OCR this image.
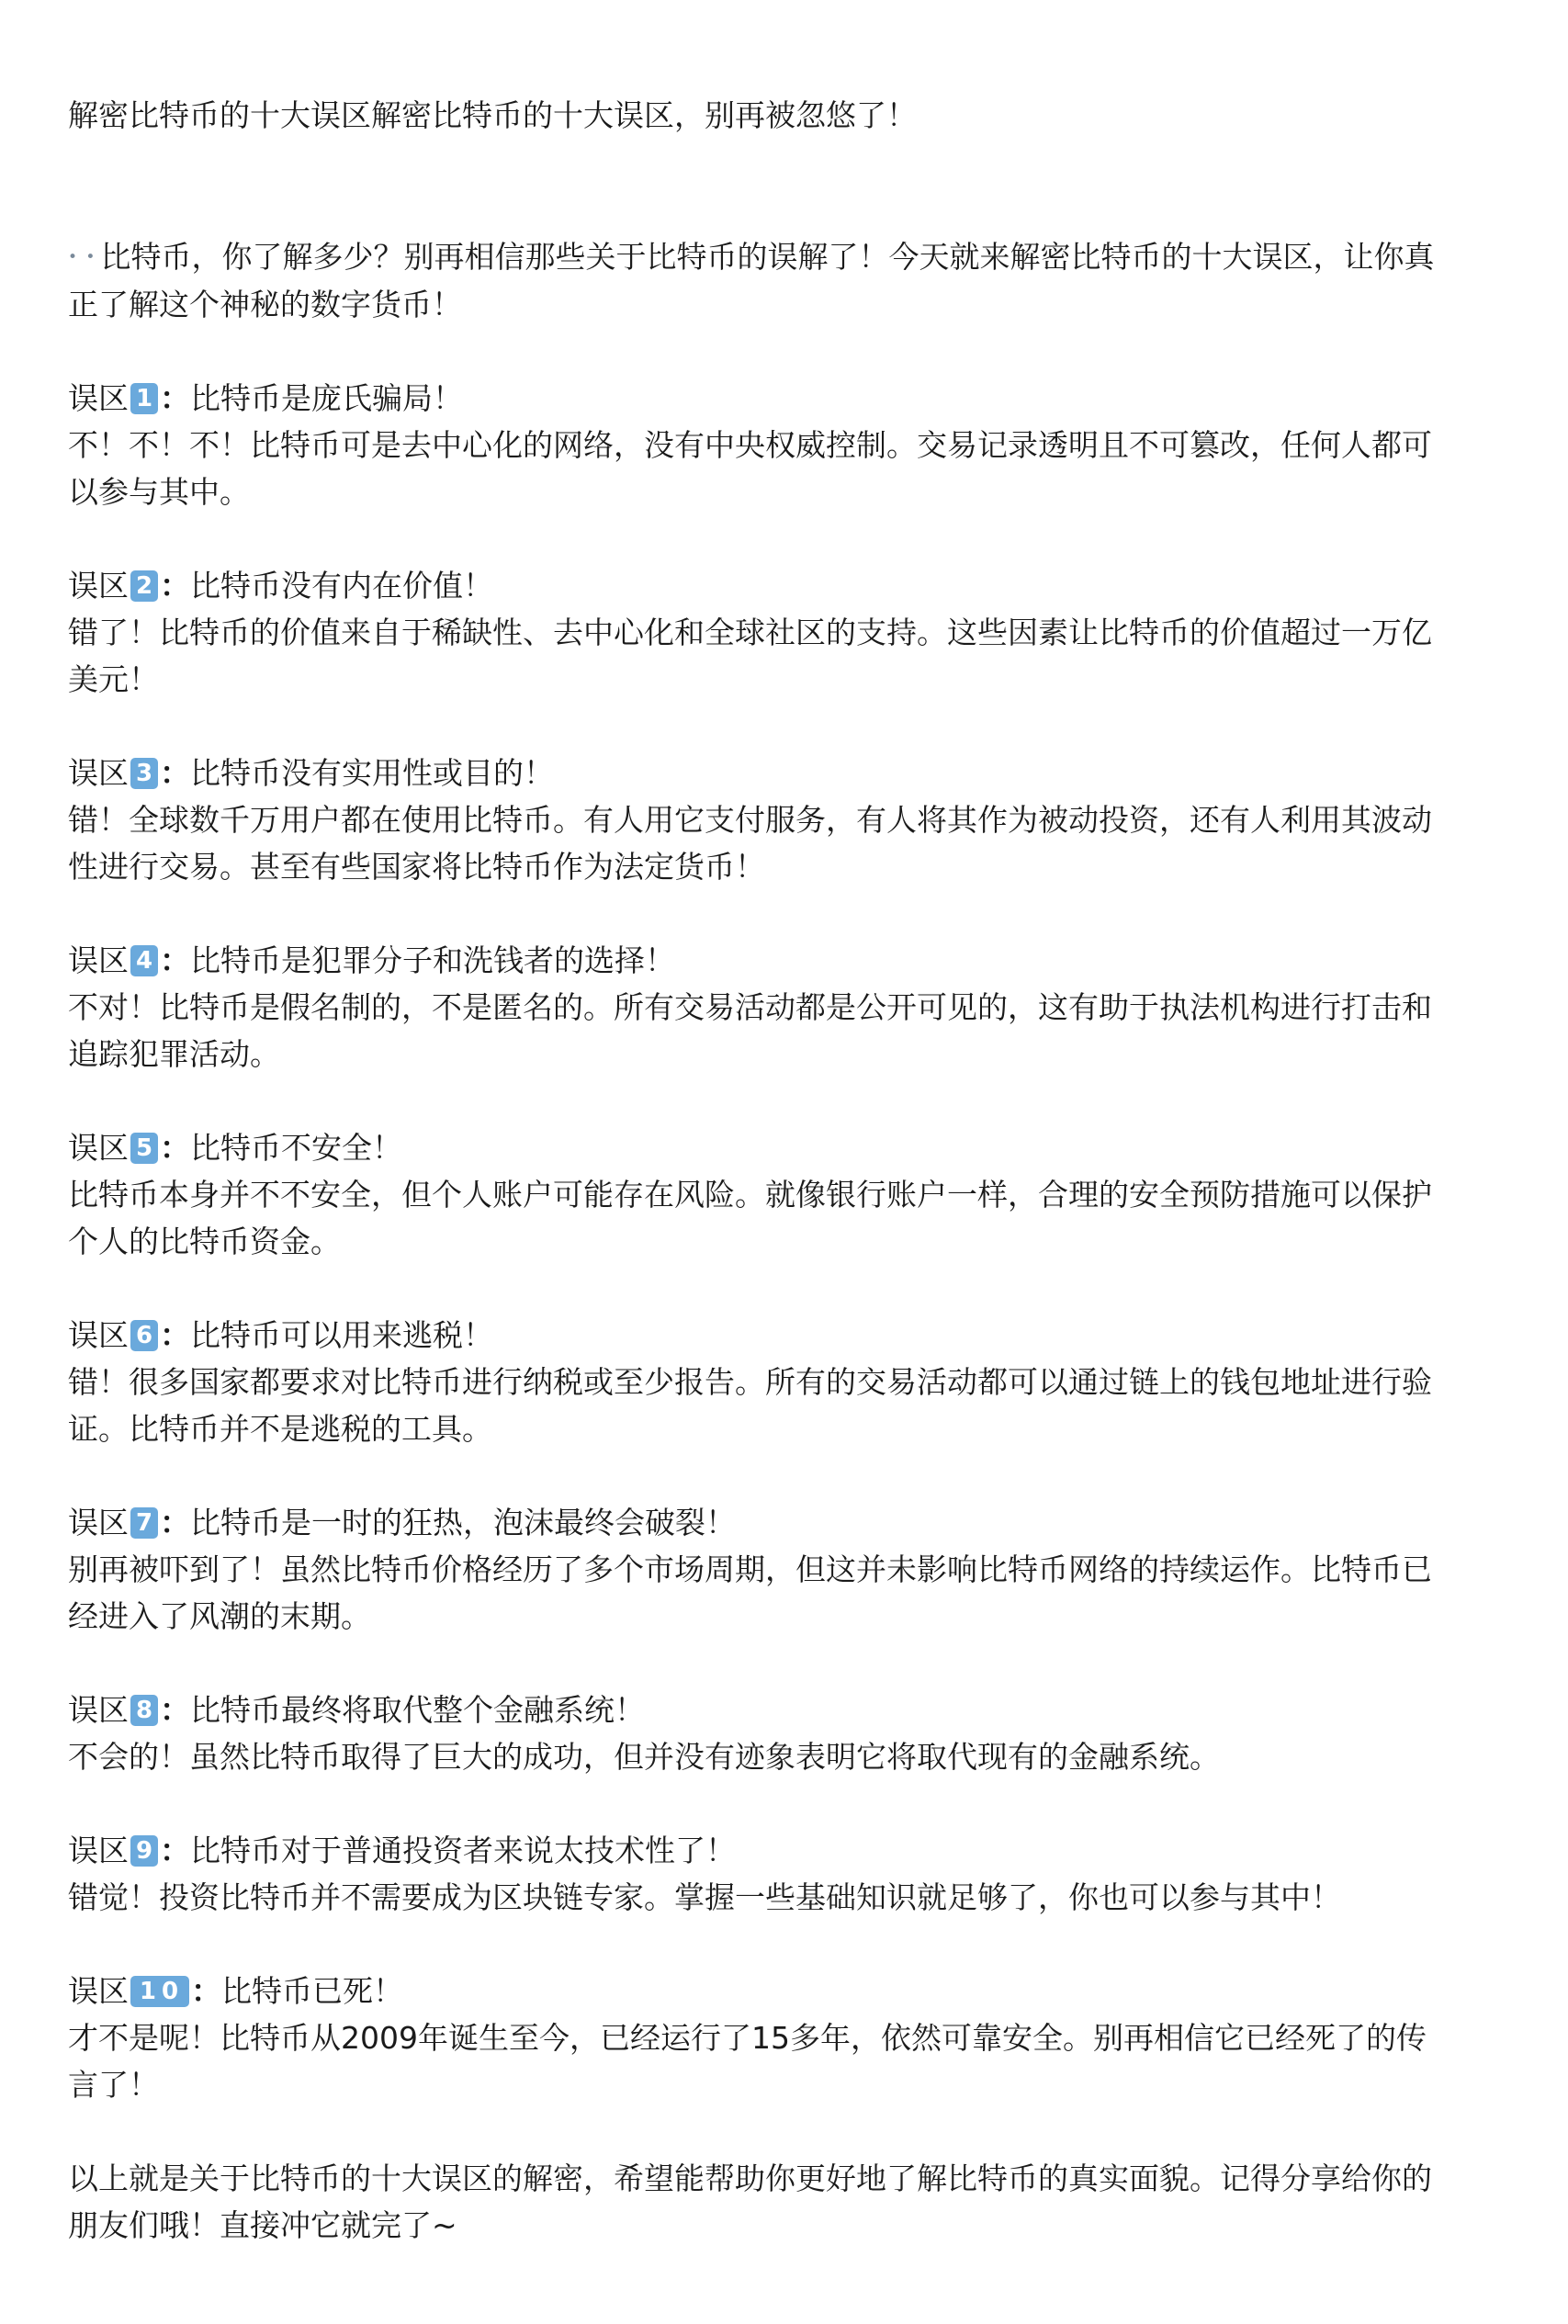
解密比特币的十大误区解密比特币的十大误区，别再被忽悠了！

• • 比特币，你了解多少？别再相信那些关于比特币的误解了！今天就来解密比特币的十大误区，让你真正了解这个神秘的数字货币！

误区 1 ：比特币是庞氏骗局！

不！不！不！比特币可是去中心化的网络，没有中央权威控制。交易记录透明且不可篡改，任何人都可以参与其中。

误区 2 ：比特币没有内在价值！

错了！比特币的价值来自于稀缺性、去中心化和全球社区的支持。这些因素让比特币的价值超过一万亿美元！

误区 3 ：比特币没有实用性或目的！

错！全球数千万用户都在使用比特币。有人用它支付服务，有人将其作为被动投资，还有人利用其波动性进行交易。甚至有些国家将比特币作为法定货币！

误区 4 ：比特币是犯罪分子和洗钱者的选择！

不对！比特币是假名制的，不是匿名的。所有交易活动都是公开可见的，这有助于执法机构进行打击和追踪犯罪活动。

误区 5 ：比特币不安全！

比特币本身并不不安全，但个人账户可能存在风险。就像银行账户一样，合理的安全预防措施可以保护个人的比特币资金。

误区 6 ：比特币可以用来逃税！

错！很多国家都要求对比特币进行纳税或至少报告。所有的交易活动都可以通过链上的钱包地址进行验证。比特币并不是逃税的工具。

误区 7 ：比特币是一时的狂热，泡沫最终会破裂！

别再被吓到了！虽然比特币价格经历了多个市场周期，但这并未影响比特币网络的持续运作。比特币已经进入了风潮的末期。

误区 8 ：比特币最终将取代整个金融系统！

不会的！虽然比特币取得了巨大的成功，但并没有迹象表明它将取代现有的金融系统。

误区 9 ：比特币对于普通投资者来说太技术性了！

错觉！投资比特币并不需要成为区块链专家。掌握一些基础知识就足够了，你也可以参与其中！

误区 10 ：比特币已死！

才不是呢！比特币从2009年诞生至今，已经运行了15多年，依然可靠安全。别再相信它已经死了的传言了！

以上就是关于比特币的十大误区的解密，希望能帮助你更好地了解比特币的真实面貌。记得分享给你的朋友们哦！直接冲它就完了~
